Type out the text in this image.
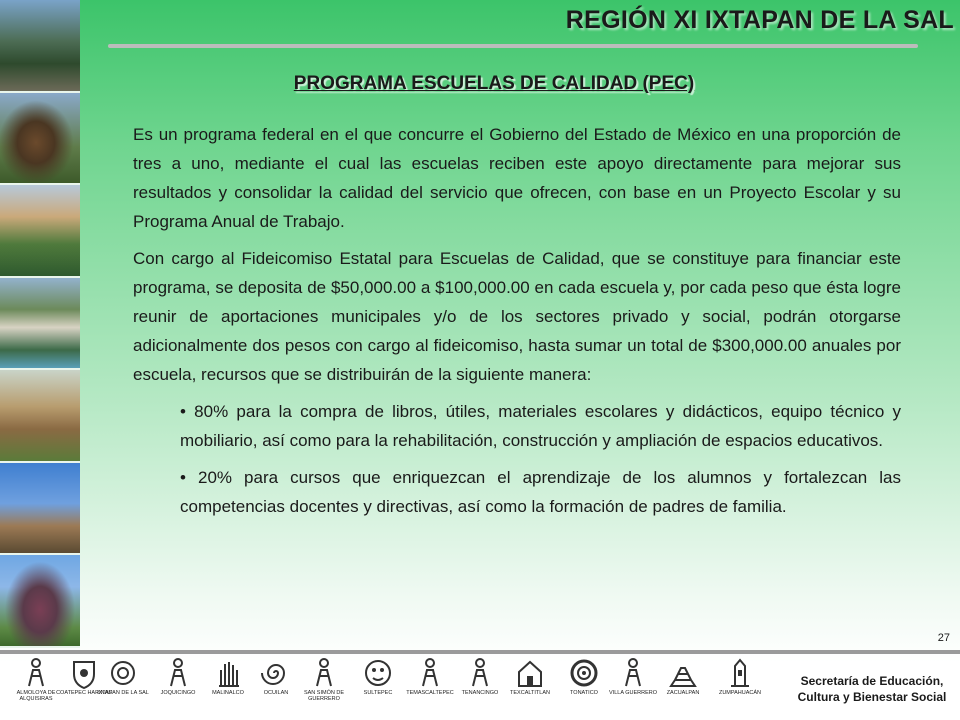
REGIÓN XI IXTAPAN DE LA SAL
PROGRAMA ESCUELAS DE CALIDAD (PEC)

Es un programa federal en el que concurre el Gobierno del Estado de México en una proporción de tres a uno, mediante el cual las escuelas reciben este apoyo directamente para mejorar sus resultados y consolidar la calidad del servicio que ofrecen, con base en un Proyecto Escolar y su Programa Anual de Trabajo.

Con cargo al Fideicomiso Estatal para Escuelas de Calidad, que se constituye para financiar este programa, se deposita de $50,000.00 a $100,000.00 en cada escuela y, por cada peso que ésta logre reunir de aportaciones municipales y/o de los sectores privado y social, podrán otorgarse adicionalmente dos pesos con cargo al fideicomiso, hasta sumar un total de $300,000.00 anuales por escuela, recursos que se distribuirán de la siguiente manera:

• 80% para la compra de libros, útiles, materiales escolares y didácticos, equipo técnico y mobiliario, así como para la rehabilitación, construcción y ampliación de espacios educativos.
• 20% para cursos que enriquezcan el aprendizaje de los alumnos y fortalezcan las competencias docentes y directivas, así como la formación de padres de familia.
27
ALMOLOYA DE ALQUISIRAS
COATEPEC HARINAS
IXTAPAN DE LA SAL	JOQUICINGO	MALINALCO	OCUILAN	SAN SIMÓN DE GUERRERO
SULTEPEC	TEMASCALTEPEC	TENANCINGO	TEXCALTITLAN	TONATICO	VILLA GUERRERO	ZACUALPAN	ZUMPAHUACÁN
Secretaría de Educación,
Cultura y Bienestar Social
